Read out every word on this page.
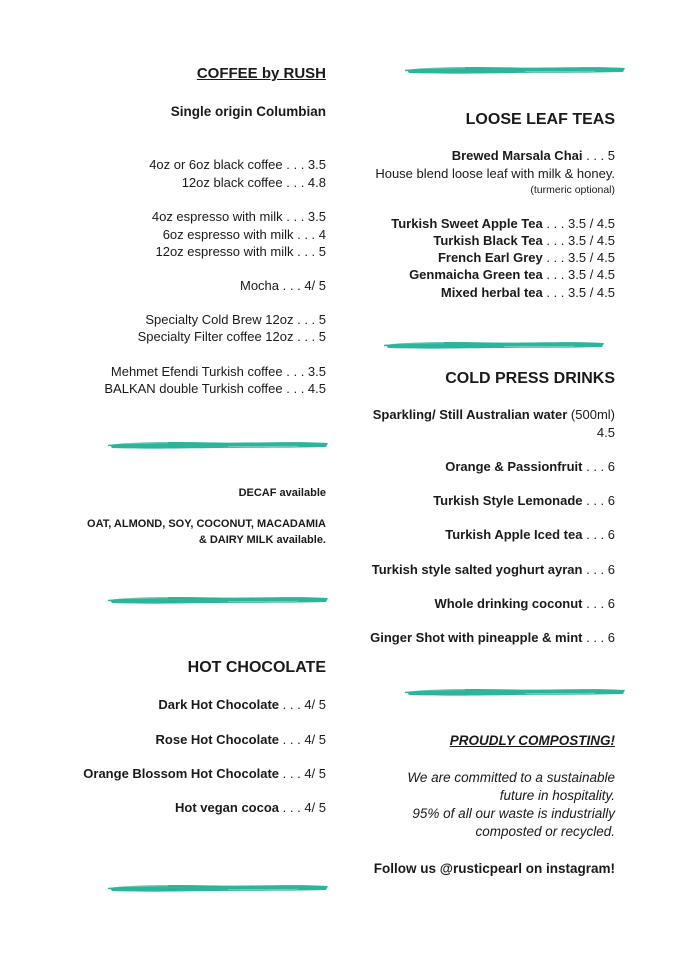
COFFEE by RUSH
Single origin Columbian
4oz or 6oz black coffee . . . 3.5
12oz black coffee . . . 4.8
4oz espresso with milk . . . 3.5
6oz espresso with milk . . . 4
12oz espresso with milk . . . 5
Mocha . . . 4/ 5
Specialty Cold Brew 12oz . . . 5
Specialty Filter coffee 12oz . . . 5
Mehmet Efendi Turkish coffee . . . 3.5
BALKAN double Turkish coffee . . . 4.5
DECAF available
OAT, ALMOND, SOY, COCONUT, MACADAMIA
& DAIRY MILK available.
HOT CHOCOLATE
Dark Hot Chocolate . . . 4/ 5
Rose Hot Chocolate . . . 4/ 5
Orange Blossom Hot Chocolate . . . 4/ 5
Hot vegan cocoa . . . 4/ 5
LOOSE LEAF TEAS
Brewed Marsala Chai . . . 5
House blend loose leaf with milk & honey.
(turmeric optional)
Turkish Sweet Apple Tea . . . 3.5 / 4.5
Turkish Black Tea . . . 3.5 / 4.5
French Earl Grey . . . 3.5 / 4.5
Genmaicha Green tea . . . 3.5 / 4.5
Mixed herbal tea . . . 3.5 / 4.5
COLD PRESS DRINKS
Sparkling/ Still Australian water (500ml)
4.5
Orange & Passionfruit . . . 6
Turkish Style Lemonade . . . 6
Turkish Apple Iced tea . . . 6
Turkish style salted yoghurt ayran . . . 6
Whole drinking coconut . . . 6
Ginger Shot with pineapple & mint . . . 6
PROUDLY COMPOSTING!
We are committed to a sustainable
future in hospitality.
95% of all our waste is industrially
composted or recycled.
Follow us @rusticpearl on instagram!
